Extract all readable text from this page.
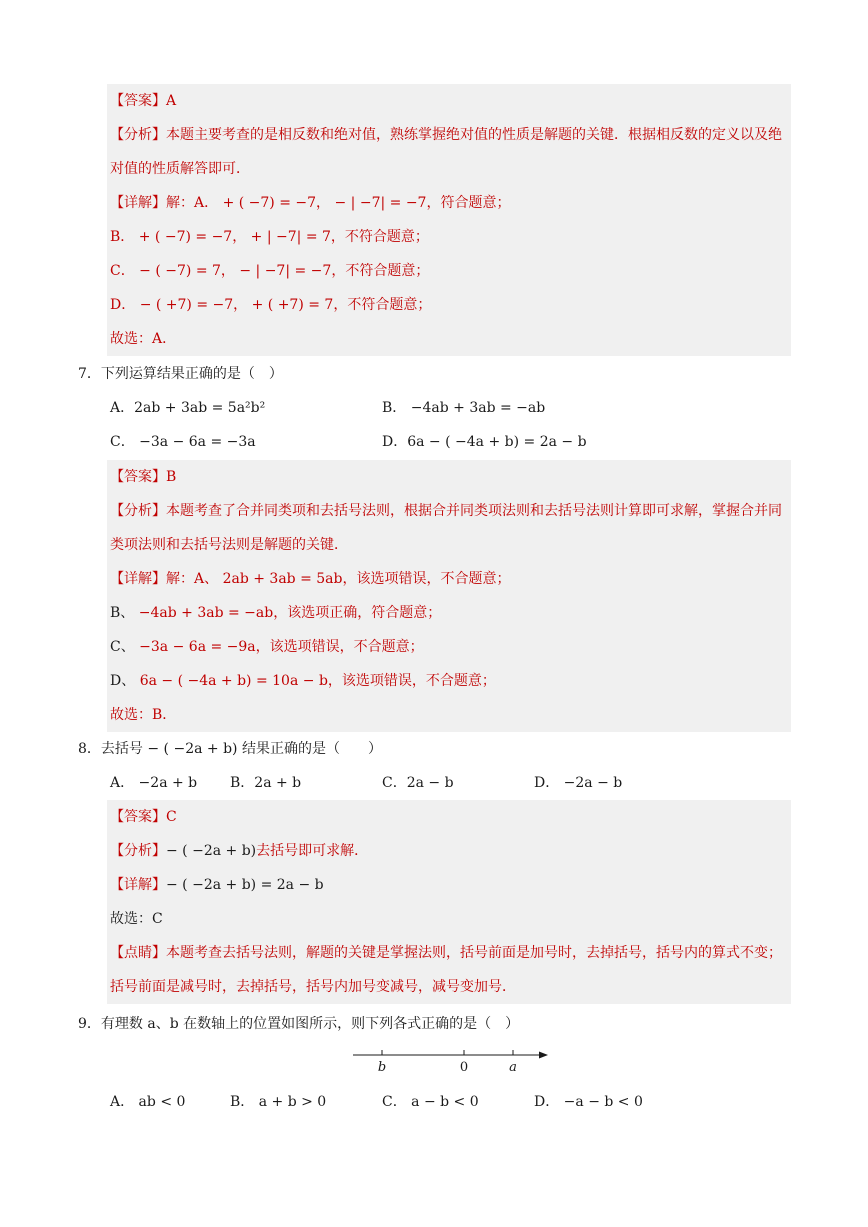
【答案】A
【分析】本题主要考查的是相反数和绝对值，熟练掌握绝对值的性质是解题的关键．根据相反数的定义以及绝对值的性质解答即可．
【详解】解：A． + ( −7) = −7， − | −7| = −7，符合题意；
B． + ( −7) = −7， + | −7| = 7，不符合题意；
C． − ( −7) = 7， − | −7| = −7，不符合题意；
D． − ( +7) = −7， + ( +7) = 7，不符合题意；
故选：A．
7．下列运算结果正确的是（　）
A．2ab + 3ab = 5a²b²	B． −4ab + 3ab = −ab
C． −3a − 6a = −3a	D．6a − ( −4a + b) = 2a − b
【答案】B
【分析】本题考查了合并同类项和去括号法则，根据合并同类项法则和去括号法则计算即可求解，掌握合并同类项法则和去括号法则是解题的关键．
【详解】解：A、 2ab + 3ab = 5ab，该选项错误，不合题意；
B、 −4ab + 3ab = −ab，该选项正确，符合题意；
C、 −3a − 6a = −9a，该选项错误，不合题意；
D、 6a − ( −4a + b) = 10a − b，该选项错误，不合题意；
故选：B．
8．去括号 − ( −2a + b) 结果正确的是（　　）
A． −2a + b B．2a + b	C．2a − b	D． −2a − b
【答案】C
【分析】− ( −2a + b)去括号即可求解．
【详解】− ( −2a + b) = 2a − b
故选：C
【点睛】本题考查去括号法则，解题的关键是掌握法则，括号前面是加号时，去掉括号，括号内的算式不变；括号前面是减号时，去掉括号，括号内加号变减号，减号变加号．
9．有理数 a、b 在数轴上的位置如图所示，则下列各式正确的是（　）
b	0	a
A． ab < 0	B． a + b > 0	C． a − b < 0	D． −a − b < 0
